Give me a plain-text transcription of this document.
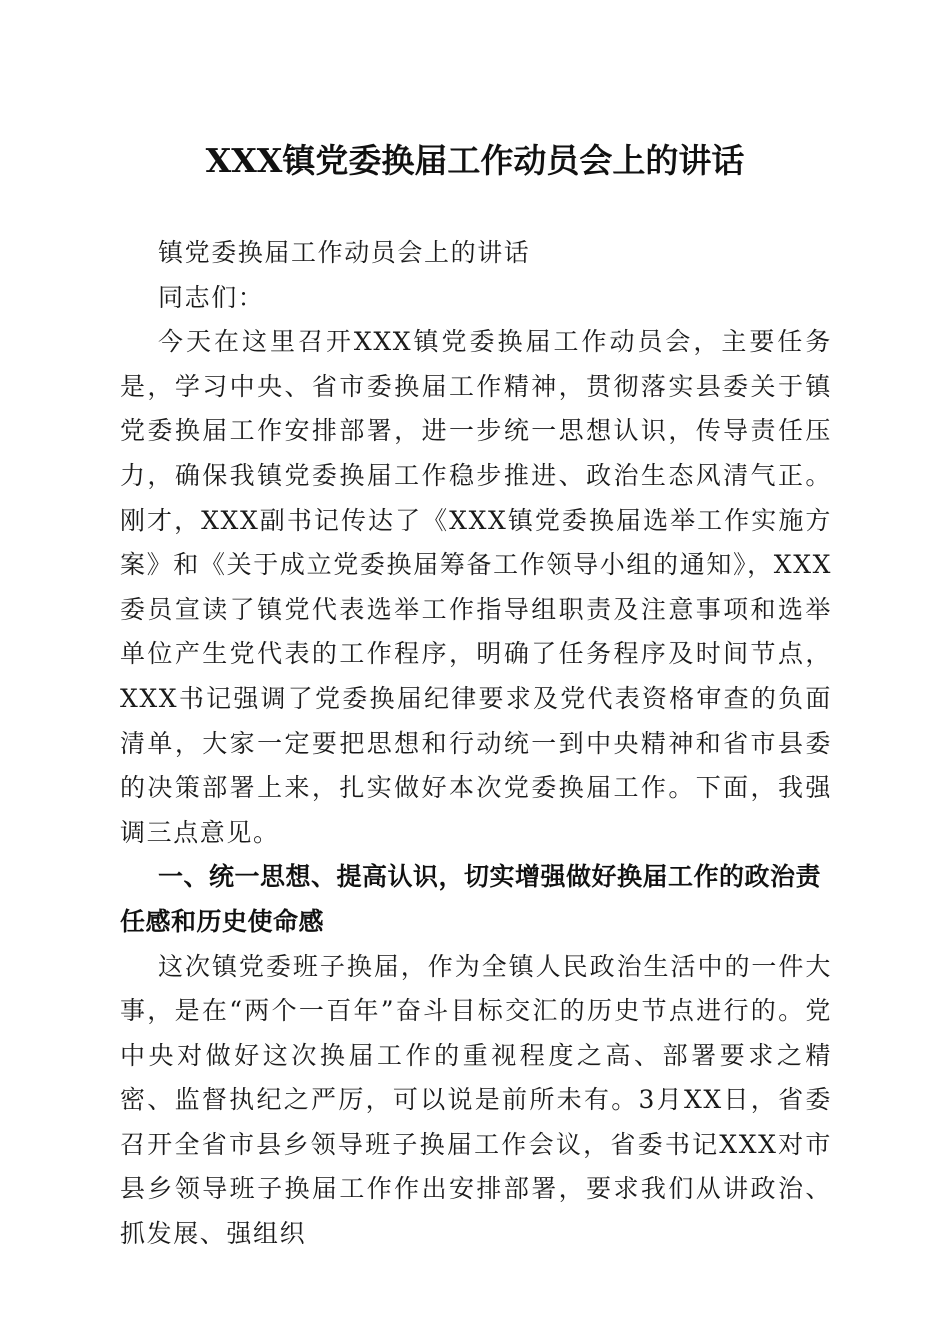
XXX镇党委换届工作动员会上的讲话

镇党委换届工作动员会上的讲话

同志们：

今天在这里召开XXX镇党委换届工作动员会，主要任务是，学习中央、省市委换届工作精神，贯彻落实县委关于镇党委换届工作安排部署，进一步统一思想认识，传导责任压力，确保我镇党委换届工作稳步推进、政治生态风清气正。刚才，XXX副书记传达了《XXX镇党委换届选举工作实施方案》和《关于成立党委换届筹备工作领导小组的通知》，XXX委员宣读了镇党代表选举工作指导组职责及注意事项和选举单位产生党代表的工作程序，明确了任务程序及时间节点，XXX书记强调了党委换届纪律要求及党代表资格审查的负面清单，大家一定要把思想和行动统一到中央精神和省市县委的决策部署上来，扎实做好本次党委换届工作。下面，我强调三点意见。

一、统一思想、提高认识，切实增强做好换届工作的政治责任感和历史使命感

这次镇党委班子换届，作为全镇人民政治生活中的一件大事，是在“两个一百年”奋斗目标交汇的历史节点进行的。党中央对做好这次换届工作的重视程度之高、部署要求之精密、监督执纪之严厉，可以说是前所未有。3月XX日，省委召开全省市县乡领导班子换届工作会议，省委书记XXX对市县乡领导班子换届工作作出安排部署，要求我们从讲政治、抓发展、强组织
